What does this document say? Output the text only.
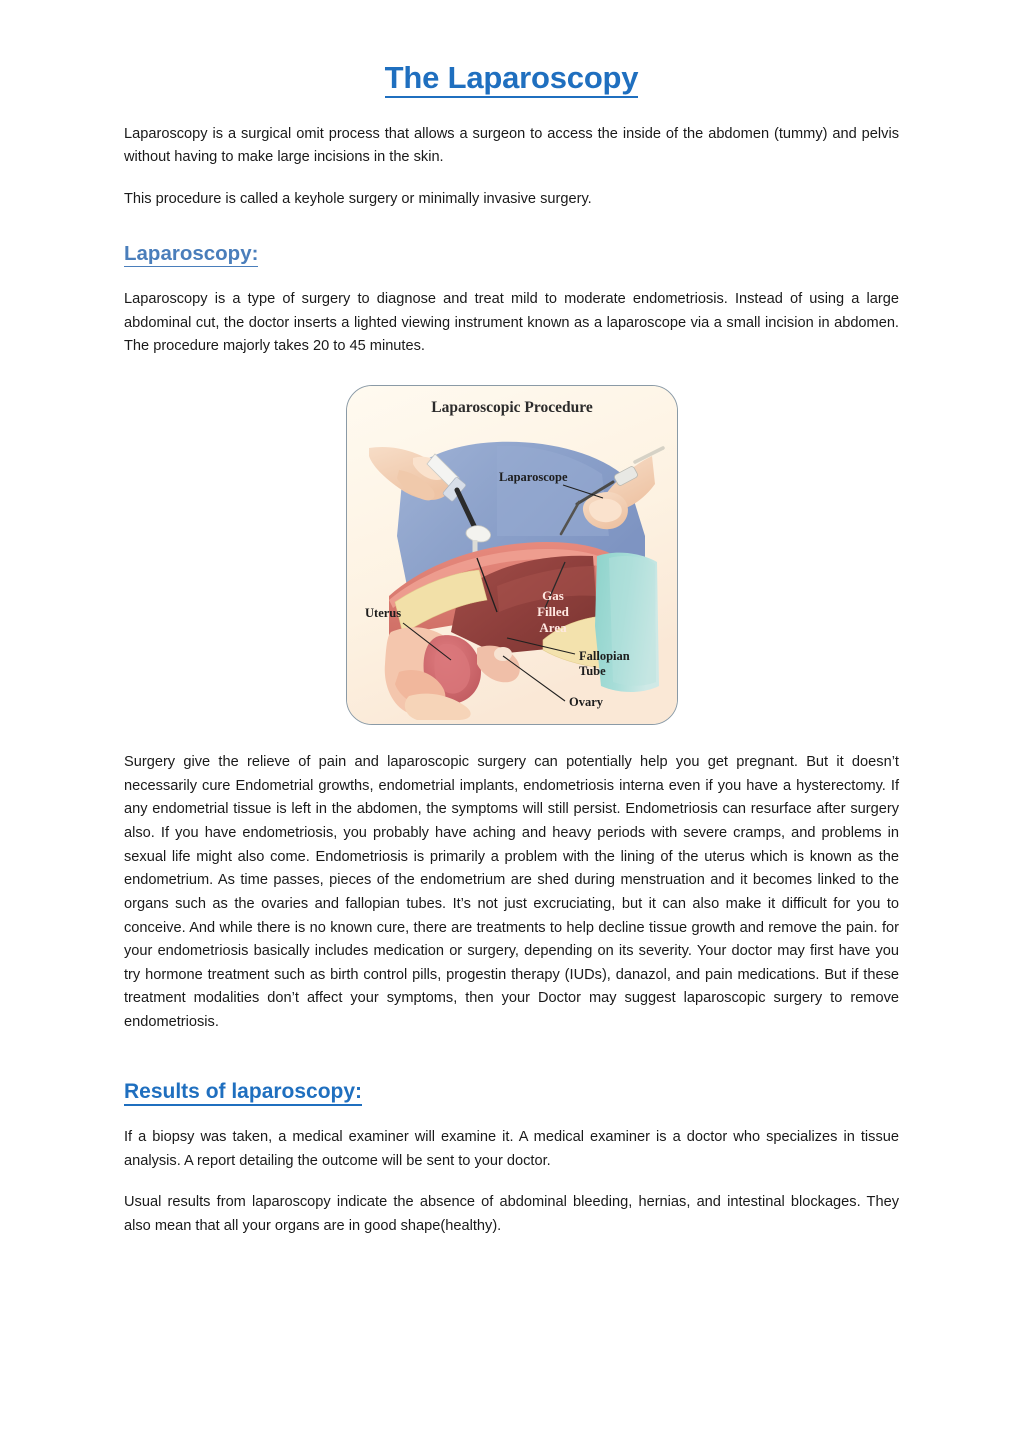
The Laparoscopy

Laparoscopy is a surgical omit process that allows a surgeon to access the inside of the abdomen (tummy) and pelvis without having to make large incisions in the skin.

This procedure is called a keyhole surgery or minimally invasive surgery.

Laparoscopy:

Laparoscopy is a type of surgery to diagnose and treat mild to moderate endometriosis. Instead of using a large abdominal cut, the doctor inserts a lighted viewing instrument known as a laparoscope via a small incision in abdomen. The procedure majorly takes 20 to 45 minutes.

Laparoscopic Procedure
Laparoscope
Uterus
Gas
Filled
Area
Fallopian
Tube
Ovary

Surgery give the relieve of pain and laparoscopic surgery can potentially help you get pregnant. But it doesn’t necessarily cure Endometrial growths, endometrial implants, endometriosis interna even if you have a hysterectomy. If any endometrial tissue is left in the abdomen, the symptoms will still persist. Endometriosis can resurface after surgery also. If you have endometriosis, you probably have aching and heavy periods with severe cramps, and problems in sexual life might also come. Endometriosis is primarily a problem with the lining of the uterus which is known as the endometrium. As time passes, pieces of the endometrium are shed during menstruation and it becomes linked to the organs such as the ovaries and fallopian tubes. It’s not just excruciating, but it can also make it difficult for you to conceive. And while there is no known cure, there are treatments to help decline tissue growth and remove the pain. for your endometriosis basically includes medication or surgery, depending on its severity. Your doctor may first have you try hormone treatment such as birth control pills, progestin therapy (IUDs), danazol, and pain medications. But if these treatment modalities don’t affect your symptoms, then your Doctor may suggest laparoscopic surgery to remove endometriosis.

Results of laparoscopy:

If a biopsy was taken, a medical examiner will examine it. A medical examiner is a doctor who specializes in tissue analysis. A report detailing the outcome will be sent to your doctor.

Usual results from laparoscopy indicate the absence of abdominal bleeding, hernias, and intestinal blockages. They also mean that all your organs are in good shape(healthy).
